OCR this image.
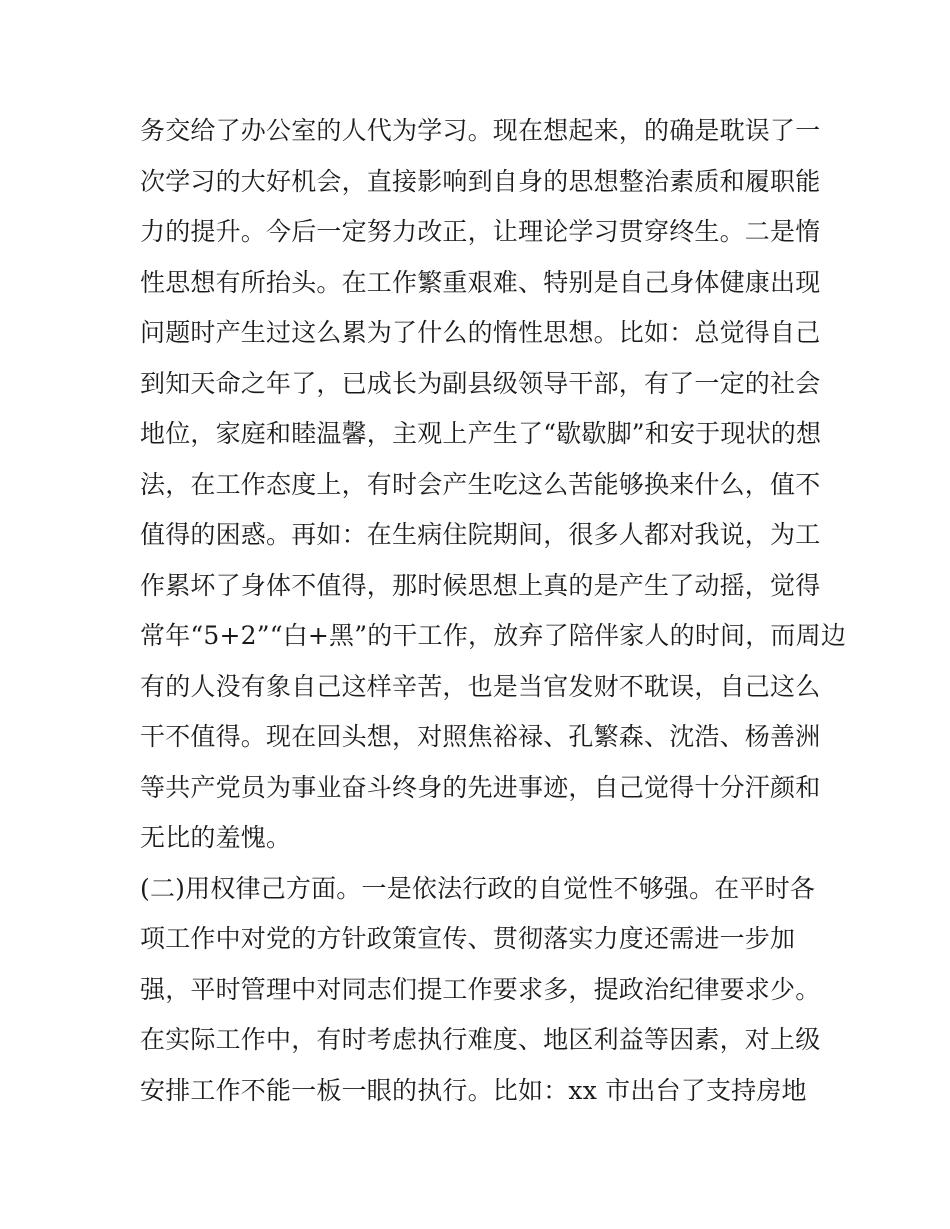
务交给了办公室的人代为学习。现在想起来，的确是耽误了一
次学习的大好机会，直接影响到自身的思想整治素质和履职能
力的提升。今后一定努力改正，让理论学习贯穿终生。二是惰
性思想有所抬头。在工作繁重艰难、特别是自己身体健康出现
问题时产生过这么累为了什么的惰性思想。比如：总觉得自己
到知天命之年了，已成长为副县级领导干部，有了一定的社会
地位，家庭和睦温馨，主观上产生了“歇歇脚”和安于现状的想
法，在工作态度上，有时会产生吃这么苦能够换来什么，值不
值得的困惑。再如：在生病住院期间，很多人都对我说，为工
作累坏了身体不值得，那时候思想上真的是产生了动摇，觉得
常年“5+2”“白+黑”的干工作，放弃了陪伴家人的时间，而周边
有的人没有象自己这样辛苦，也是当官发财不耽误，自己这么
干不值得。现在回头想，对照焦裕禄、孔繁森、沈浩、杨善洲
等共产党员为事业奋斗终身的先进事迹，自己觉得十分汗颜和
无比的羞愧。
(二)用权律己方面。一是依法行政的自觉性不够强。在平时各
项工作中对党的方针政策宣传、贯彻落实力度还需进一步加
强，平时管理中对同志们提工作要求多，提政治纪律要求少。
在实际工作中，有时考虑执行难度、地区利益等因素，对上级
安排工作不能一板一眼的执行。比如：xx 市出台了支持房地
